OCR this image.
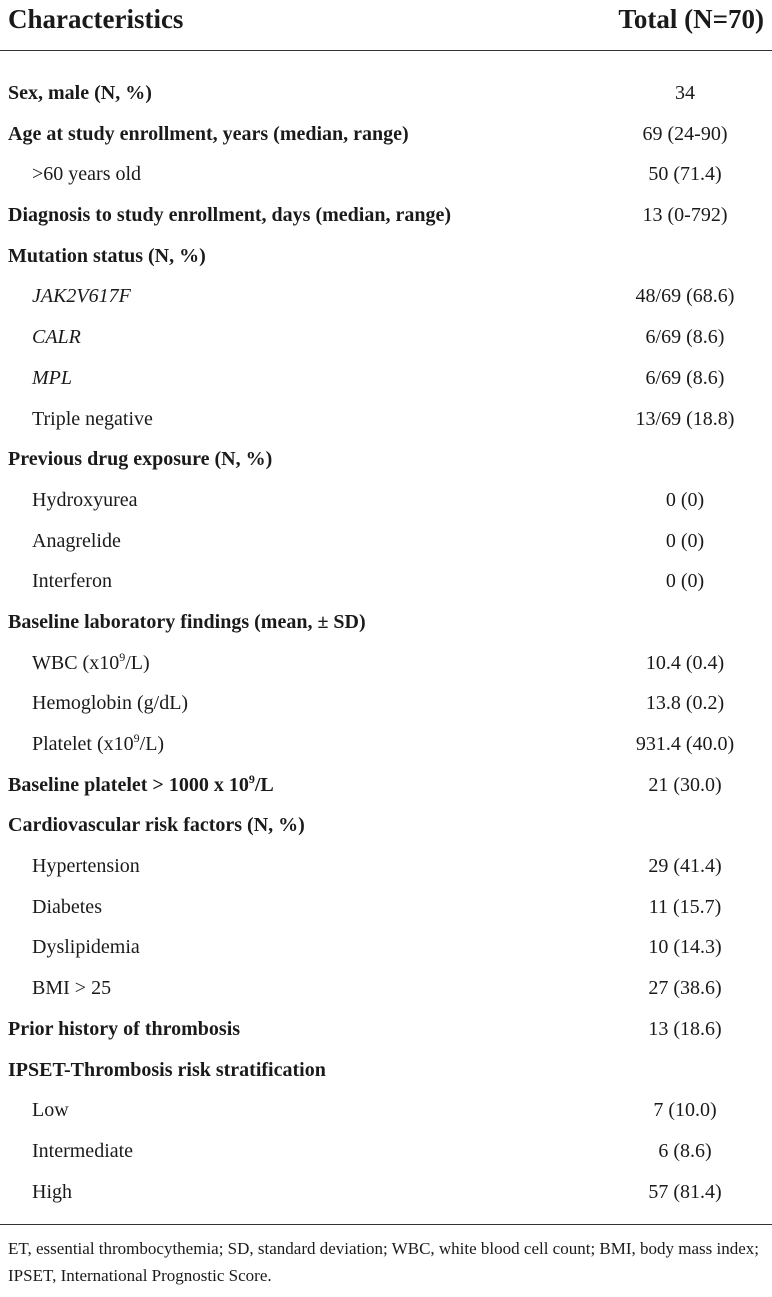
Characteristics	Total (N=70)
Sex, male (N, %)	34
Age at study enrollment, years (median, range)	69 (24-90)
>60 years old	50 (71.4)
Diagnosis to study enrollment, days (median, range)	13 (0-792)
Mutation status (N, %)
JAK2V617F	48/69 (68.6)
CALR	6/69 (8.6)
MPL	6/69 (8.6)
Triple negative	13/69 (18.8)
Previous drug exposure (N, %)
Hydroxyurea	0 (0)
Anagrelide	0 (0)
Interferon	0 (0)
Baseline laboratory findings (mean, ± SD)
WBC $(x10^9/L)$	10.4 (0.4)
Hemoglobin (g/dL)	13.8 (0.2)
Platelet $(x10^9/L)$	931.4 (40.0)
Baseline platelet > 1000 x $10^9/L$	21 (30.0)
Cardiovascular risk factors (N, %)
Hypertension	29 (41.4)
Diabetes	11 (15.7)
Dyslipidemia	10 (14.3)
BMI > 25	27 (38.6)
Prior history of thrombosis	13 (18.6)
IPSET-Thrombosis risk stratification
Low	7 (10.0)
Intermediate	6 (8.6)
High	57 (81.4)
ET, essential thrombocythemia; SD, standard deviation; WBC, white blood cell count; BMI, body mass index; IPSET, International Prognostic Score.
